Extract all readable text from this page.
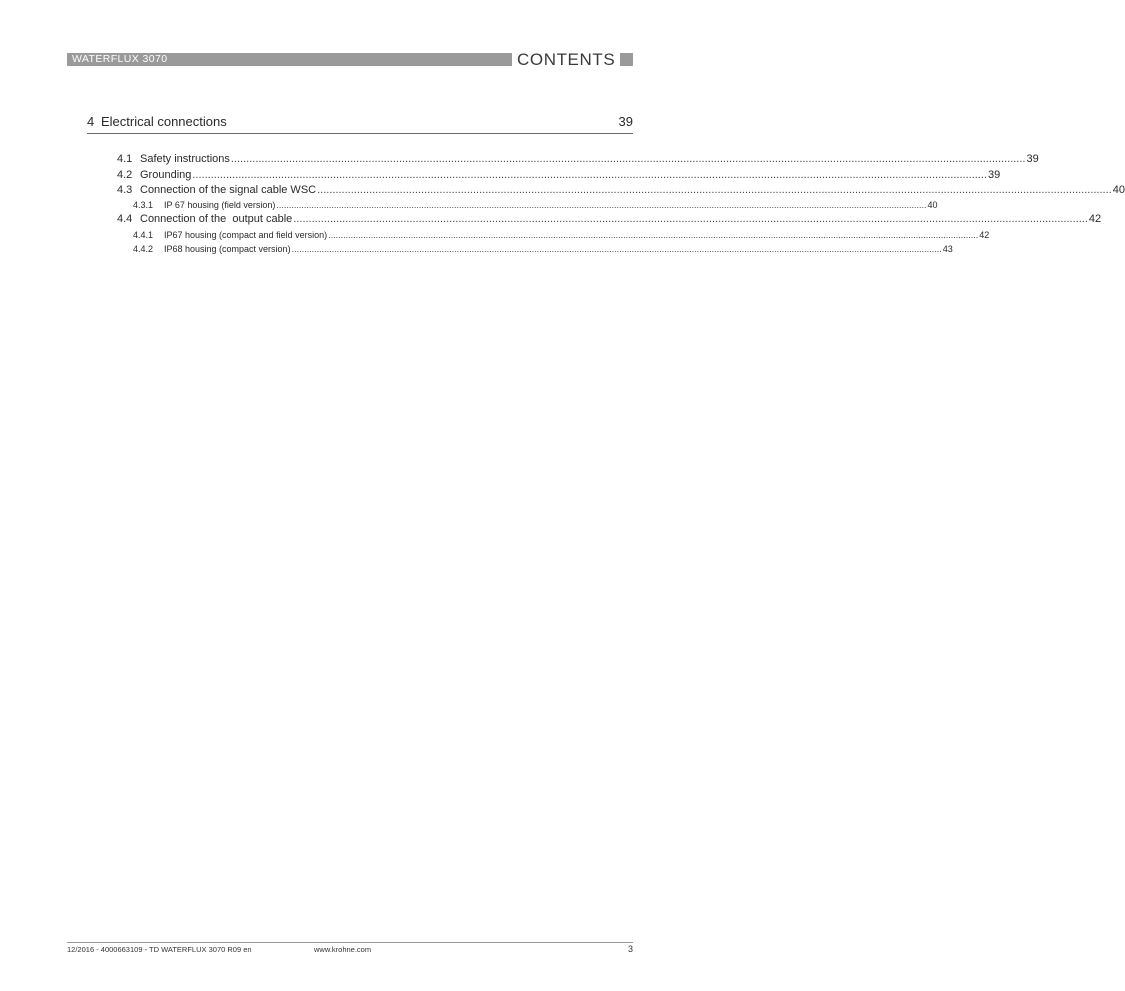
WATERFLUX 3070	CONTENTS
4 Electrical connections	39
4.1 Safety instructions .................................................................................................................................................................................................................................................................... 39
4.2 Grounding .................................................................................................................................................................................................................................................................... 39
4.3 Connection of the signal cable WSC .................................................................................................................................................................................................................................................................... 40
4.3.1	IP 67 housing (field version) .................................................................................................................................................................................................................................................................... 40
4.4 Connection of the  output cable .................................................................................................................................................................................................................................................................... 42
4.4.1	IP67 housing (compact and field version) .................................................................................................................................................................................................................................................................... 42
4.4.2	IP68 housing (compact version) .................................................................................................................................................................................................................................................................... 43
12/2016 - 4000663109 - TD WATERFLUX 3070 R09 en	www.krohne.com	3
